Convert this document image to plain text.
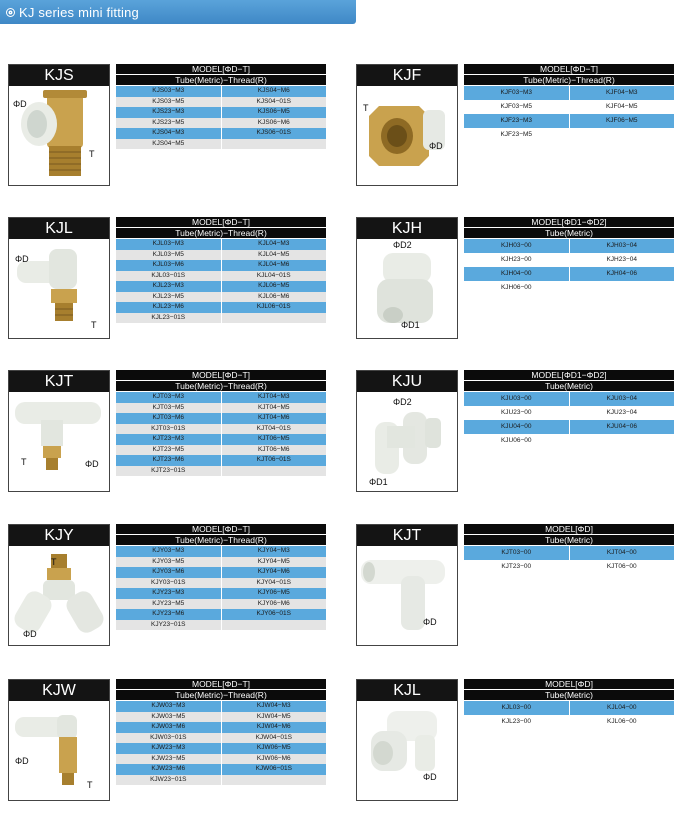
KJ series mini fitting
KJS
ΦD
T
MODEL[ΦD−T]
Tube(Metric)−Thread(R)
KJS03−M3	KJS04−M6
KJS03−M5	KJS04−01S
KJS23−M3	KJS06−M5
KJS23−M5	KJS06−M6
KJS04−M3	KJS06−01S
KJS04−M5
KJF
T
ΦD
MODEL[ΦD−T]
Tube(Metric)−Thread(R)
KJF03−M3	KJF04−M3
KJF03−M5	KJF04−M5
KJF23−M3	KJF06−M5
KJF23−M5
KJL
ΦD
T
MODEL[ΦD−T]
Tube(Metric)−Thread(R)
KJL03−M3	KJL04−M3
KJL03−M5	KJL04−M5
KJL03−M6	KJL04−M6
KJL03−01S	KJL04−01S
KJL23−M3	KJL06−M5
KJL23−M5	KJL06−M6
KJL23−M6	KJL06−01S
KJL23−01S
KJH
ΦD2
ΦD1
MODEL[ΦD1−ΦD2]
Tube(Metric)
KJH03−00	KJH03−04
KJH23−00	KJH23−04
KJH04−00	KJH04−06
KJH06−00
KJT
T	ΦD
MODEL[ΦD−T]
Tube(Metric)−Thread(R)
KJT03−M3	KJT04−M3
KJT03−M5	KJT04−M5
KJT03−M6	KJT04−M6
KJT03−01S	KJT04−01S
KJT23−M3	KJT06−M5
KJT23−M5	KJT06−M6
KJT23−M6	KJT06−01S
KJT23−01S
KJU
ΦD2
ΦD1
MODEL[ΦD1−ΦD2]
Tube(Metric)
KJU03−00	KJU03−04
KJU23−00	KJU23−04
KJU04−00	KJU04−06
KJU06−00
KJY
T
ΦD
MODEL[ΦD−T]
Tube(Metric)−Thread(R)
KJY03−M3	KJY04−M3
KJY03−M5	KJY04−M5
KJY03−M6	KJY04−M6
KJY03−01S	KJY04−01S
KJY23−M3	KJY06−M5
KJY23−M5	KJY06−M6
KJY23−M6	KJY06−01S
KJY23−01S
KJT
ΦD
MODEL[ΦD]
Tube(Metric)
KJT03−00	KJT04−00
KJT23−00	KJT06−00
KJW
ΦD
T
MODEL[ΦD−T]
Tube(Metric)−Thread(R)
KJW03−M3	KJW04−M3
KJW03−M5	KJW04−M5
KJW03−M6	KJW04−M6
KJW03−01S	KJW04−01S
KJW23−M3	KJW06−M5
KJW23−M5	KJW06−M6
KJW23−M6	KJW06−01S
KJW23−01S
KJL
ΦD
MODEL[ΦD]
Tube(Metric)
KJL03−00	KJL04−00
KJL23−00	KJL06−00
